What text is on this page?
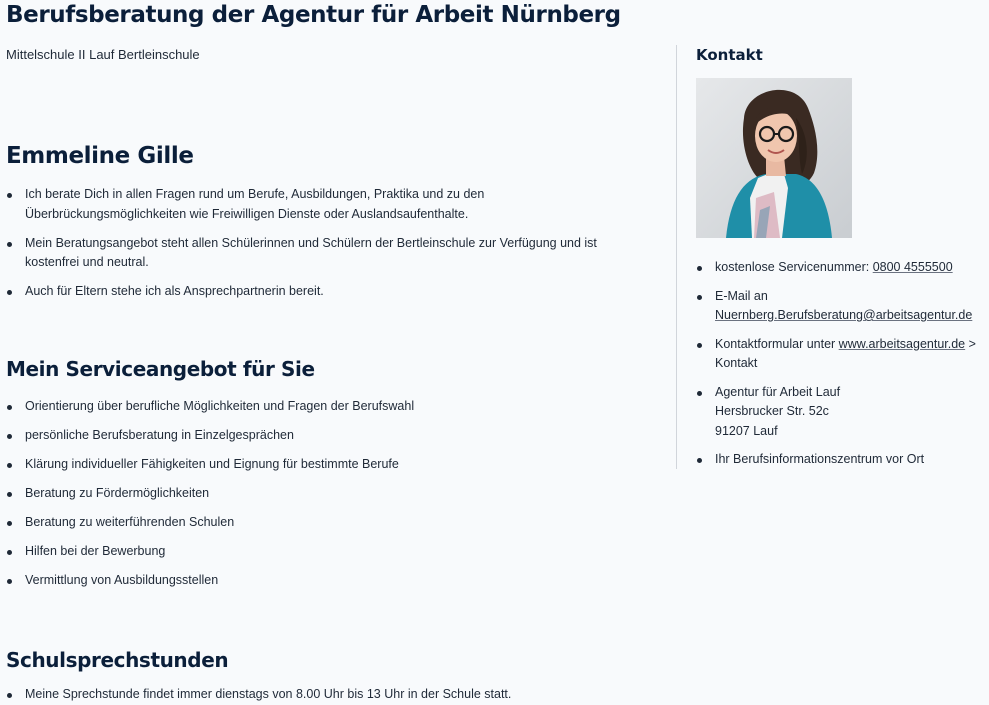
Berufsberatung der Agentur für Arbeit Nürnberg

Mittelschule II Lauf Bertleinschule

Emmeline Gille
Ich berate Dich in allen Fragen rund um Berufe, Ausbildungen, Praktika und zu den Überbrückungsmöglichkeiten wie Freiwilligen Dienste oder Auslandsaufenthalte.
Mein Beratungsangebot steht allen Schülerinnen und Schülern der Bertleinschule zur Verfügung und ist kostenfrei und neutral.
Auch für Eltern stehe ich als Ansprechpartnerin bereit.
Mein Serviceangebot für Sie
Orientierung über berufliche Möglichkeiten und Fragen der Berufswahl
persönliche Berufsberatung in Einzelgesprächen
Klärung individueller Fähigkeiten und Eignung für bestimmte Berufe
Beratung zu Fördermöglichkeiten
Beratung zu weiterführenden Schulen
Hilfen bei der Bewerbung
Vermittlung von Ausbildungsstellen
Schulsprechstunden
Meine Sprechstunde findet immer dienstags von 8.00 Uhr bis 13 Uhr in der Schule statt.
Kontakt
kostenlose Servicenummer: 0800 4555500
E-Mail an
Nuernberg.Berufsberatung@arbeitsagentur.de
Kontaktformular unter www.arbeitsagentur.de > Kontakt
Agentur für Arbeit Lauf
Hersbrucker Str. 52c
91207 Lauf
Ihr Berufsinformationszentrum vor Ort
